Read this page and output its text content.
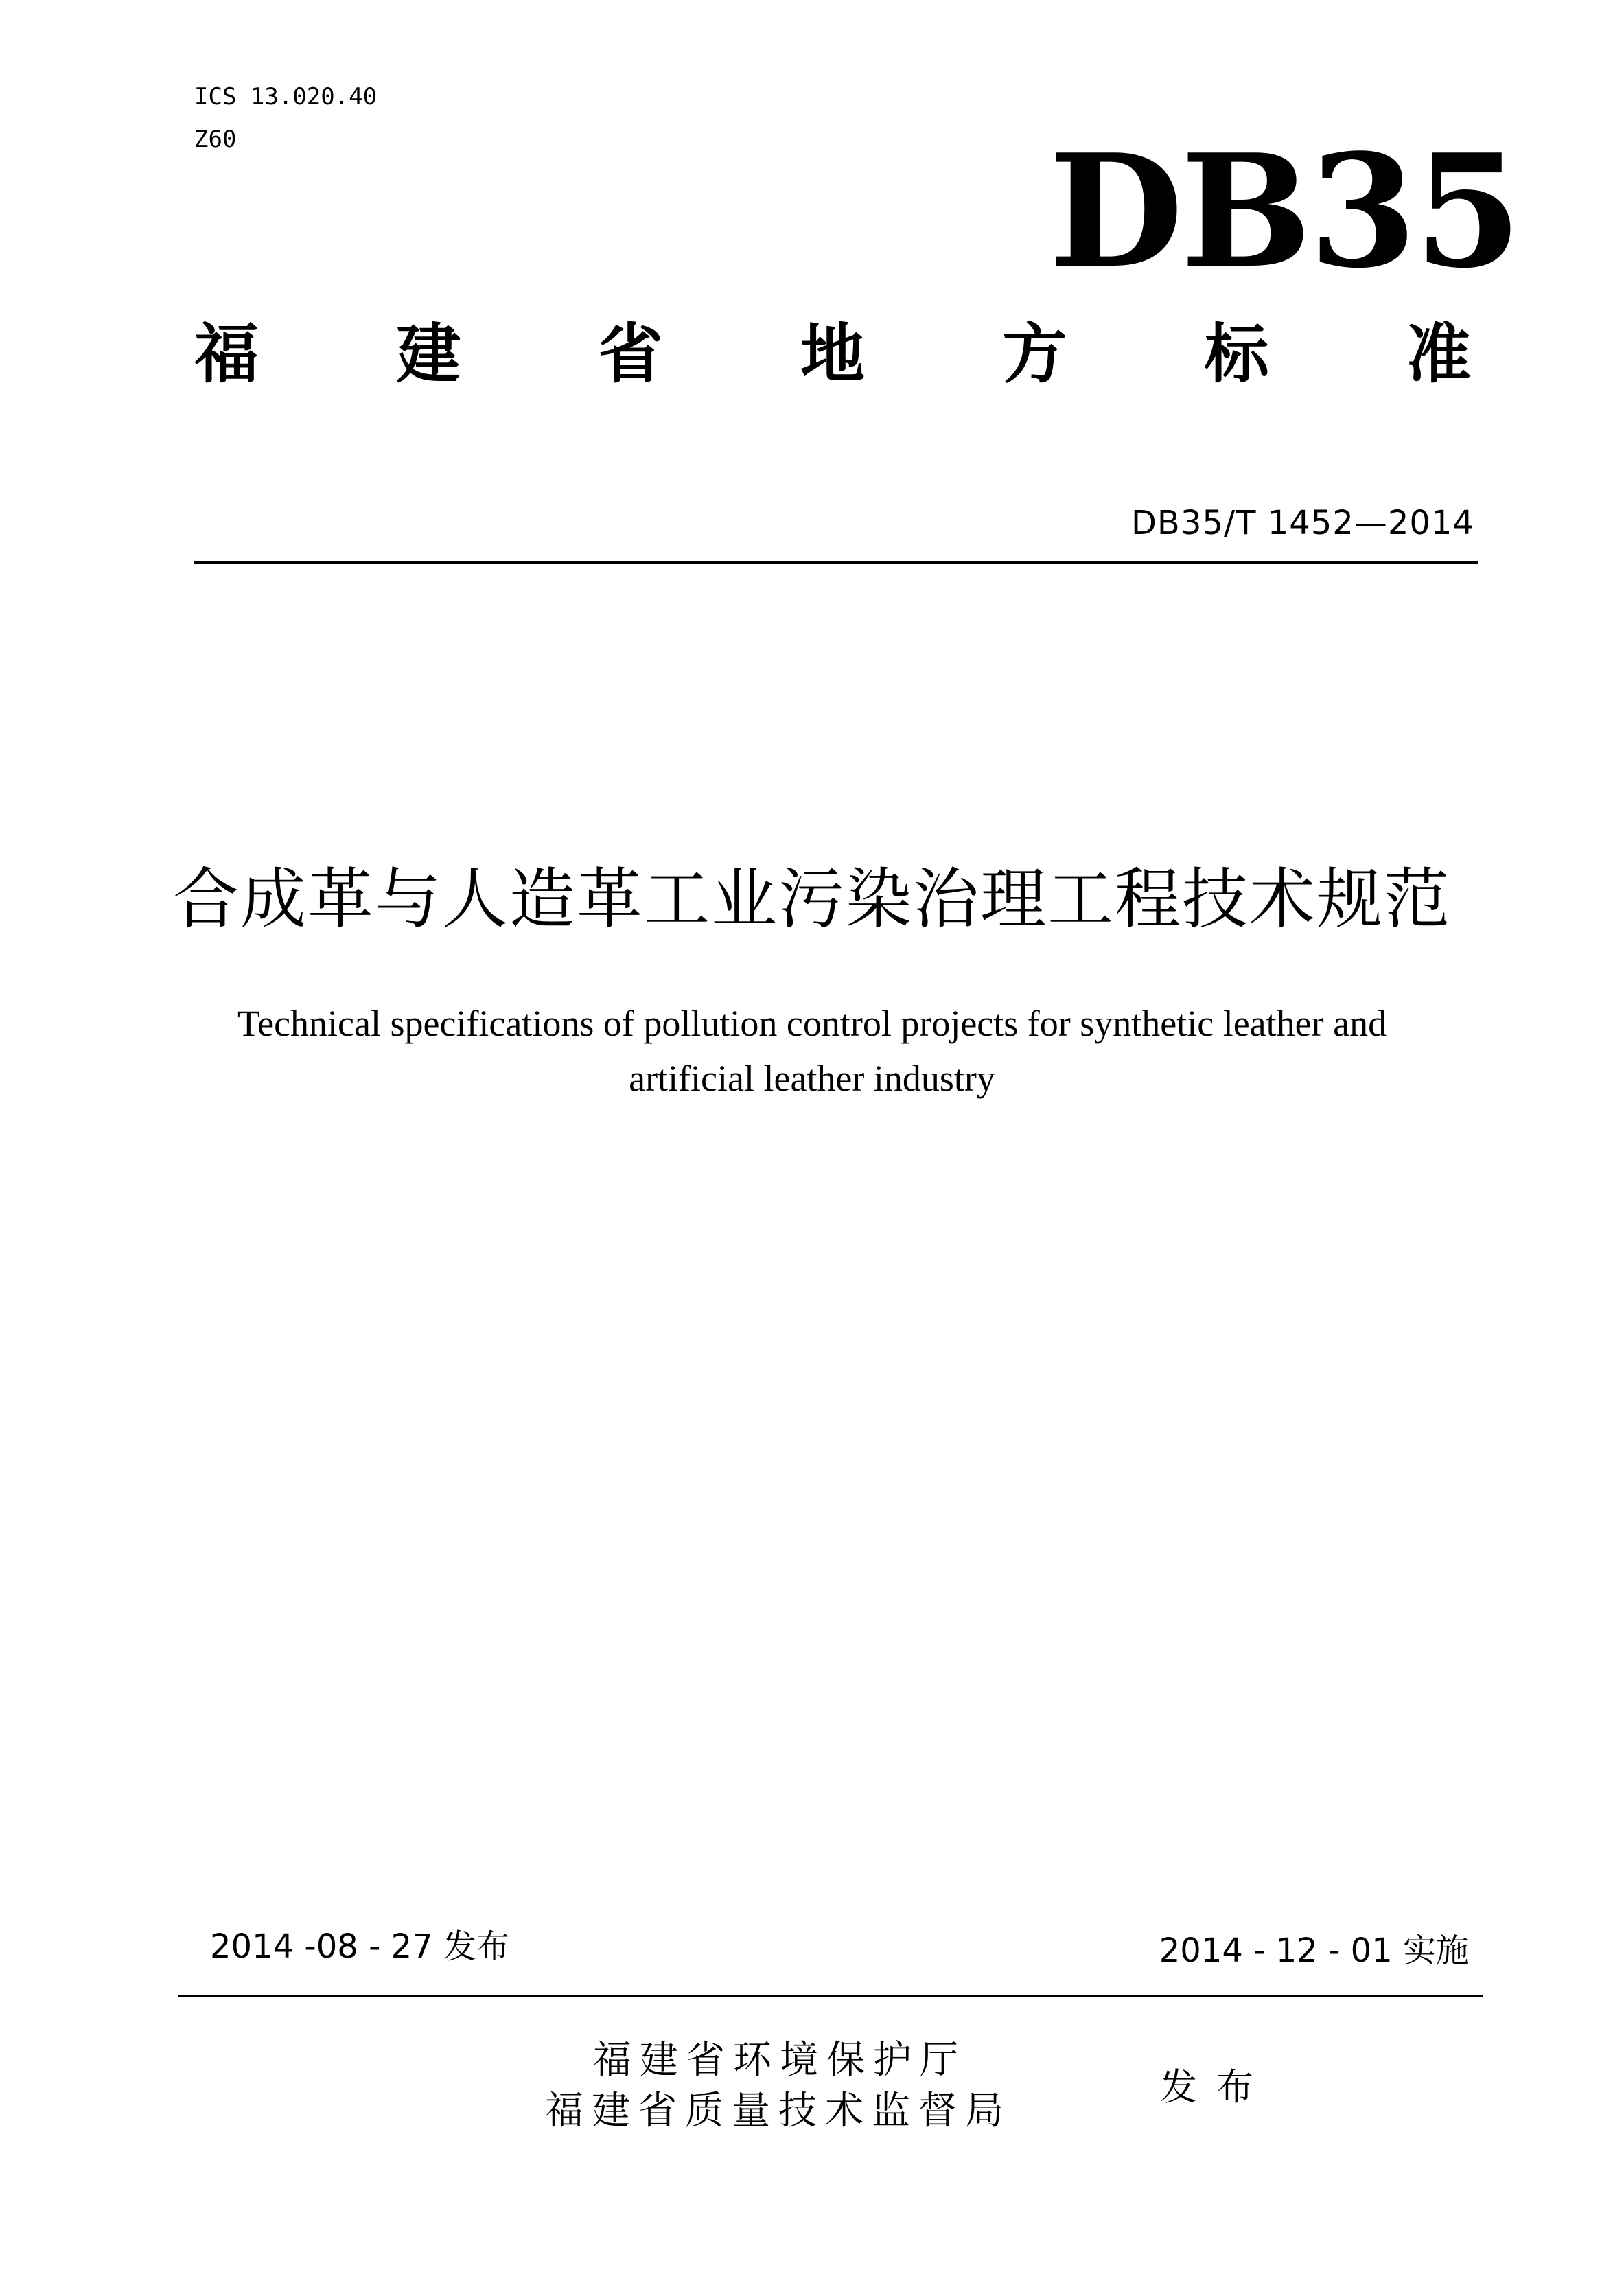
ICS 13.020.40
Z60	DB35
福 建 省 地 方 标 准
DB35/T 1452—2014
合成革与人造革工业污染治理工程技术规范
Technical specifications of pollution control projects for synthetic leather and
artificial leather industry
2014 -08 - 27 发布	2014 - 12 - 01 实施
福建省环境保护厅
福建省质量技术监督局
发布
